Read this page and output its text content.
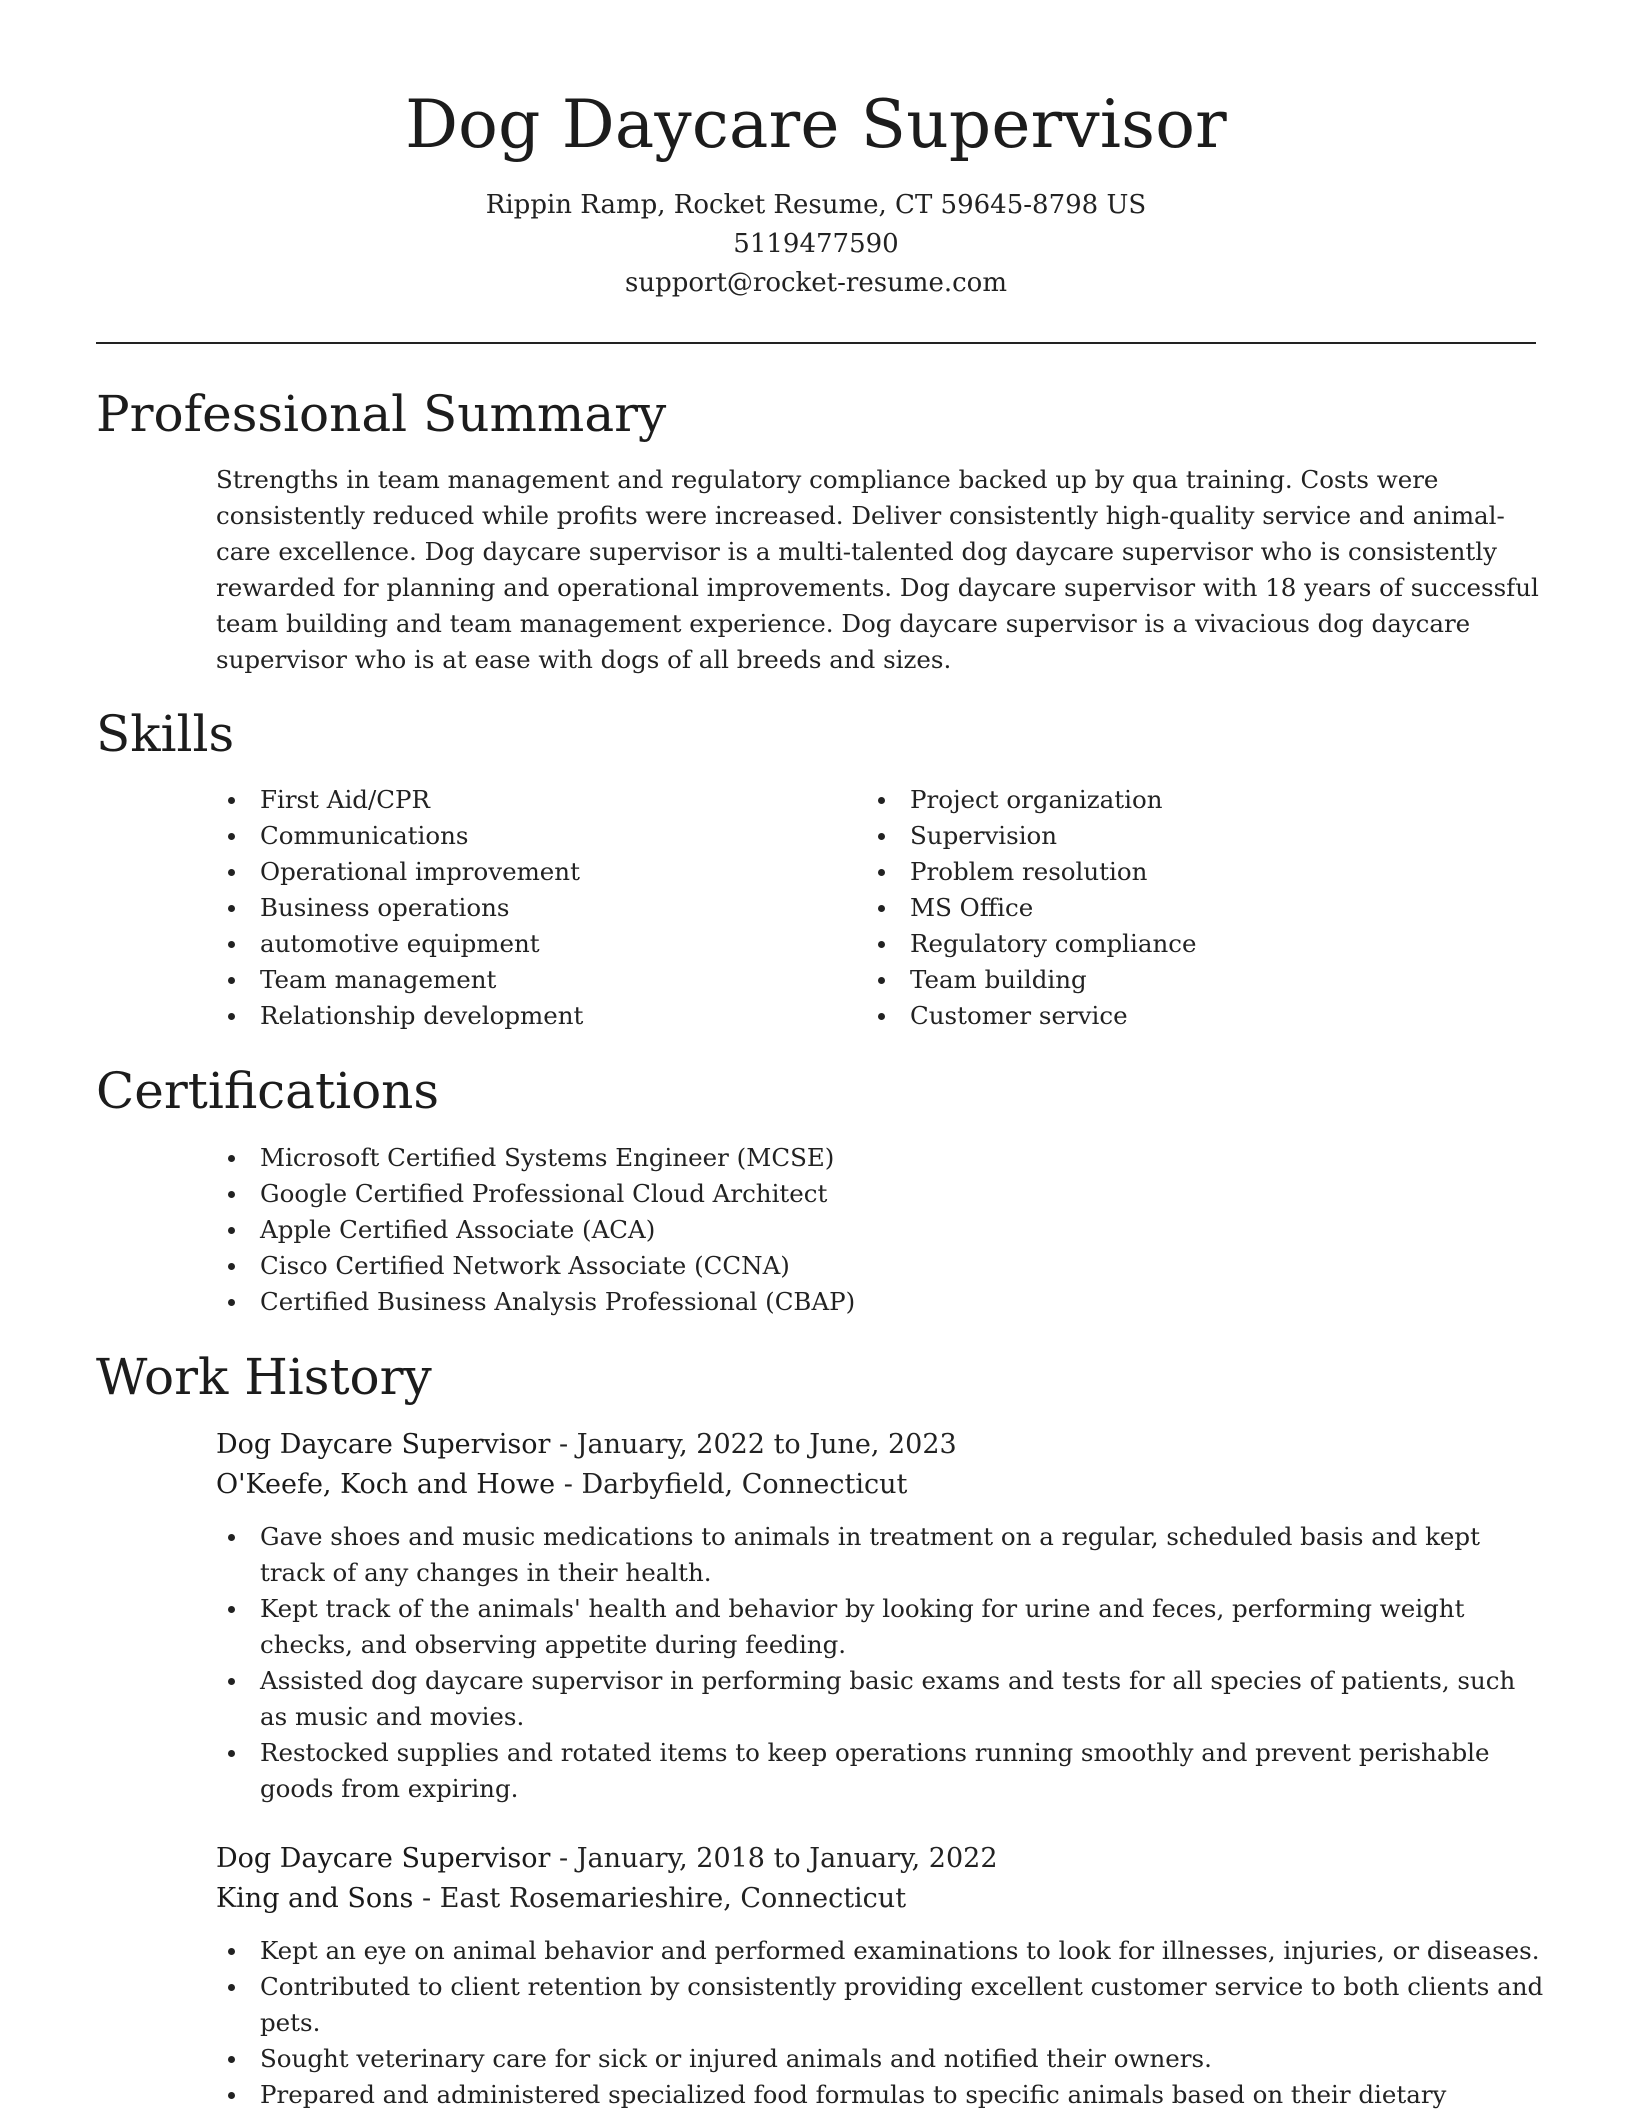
Dog Daycare Supervisor
Rippin Ramp, Rocket Resume, CT 59645-8798 US
5119477590
support@rocket-resume.com
Professional Summary

Strengths in team management and regulatory compliance backed up by qua training. Costs were consistently reduced while profits were increased. Deliver consistently high-quality service and animal-care excellence. Dog daycare supervisor is a multi-talented dog daycare supervisor who is consistently rewarded for planning and operational improvements. Dog daycare supervisor with 18 years of successful team building and team management experience. Dog daycare supervisor is a vivacious dog daycare supervisor who is at ease with dogs of all breeds and sizes.

Skills
First Aid/CPR
Communications
Operational improvement
Business operations
automotive equipment
Team management
Relationship development
Project organization
Supervision
Problem resolution
MS Office
Regulatory compliance
Team building
Customer service
Certifications
Microsoft Certified Systems Engineer (MCSE)
Google Certified Professional Cloud Architect
Apple Certified Associate (ACA)
Cisco Certified Network Associate (CCNA)
Certified Business Analysis Professional (CBAP)
Work History
Dog Daycare Supervisor - January, 2022 to June, 2023
O'Keefe, Koch and Howe - Darbyfield, Connecticut
Gave shoes and music medications to animals in treatment on a regular, scheduled basis and kept track of any changes in their health.
Kept track of the animals' health and behavior by looking for urine and feces, performing weight checks, and observing appetite during feeding.
Assisted dog daycare supervisor in performing basic exams and tests for all species of patients, such as music and movies.
Restocked supplies and rotated items to keep operations running smoothly and prevent perishable goods from expiring.
Dog Daycare Supervisor - January, 2018 to January, 2022
King and Sons - East Rosemarieshire, Connecticut
Kept an eye on animal behavior and performed examinations to look for illnesses, injuries, or diseases.
Contributed to client retention by consistently providing excellent customer service to both clients and pets.
Sought veterinary care for sick or injured animals and notified their owners.
Prepared and administered specialized food formulas to specific animals based on their dietary
